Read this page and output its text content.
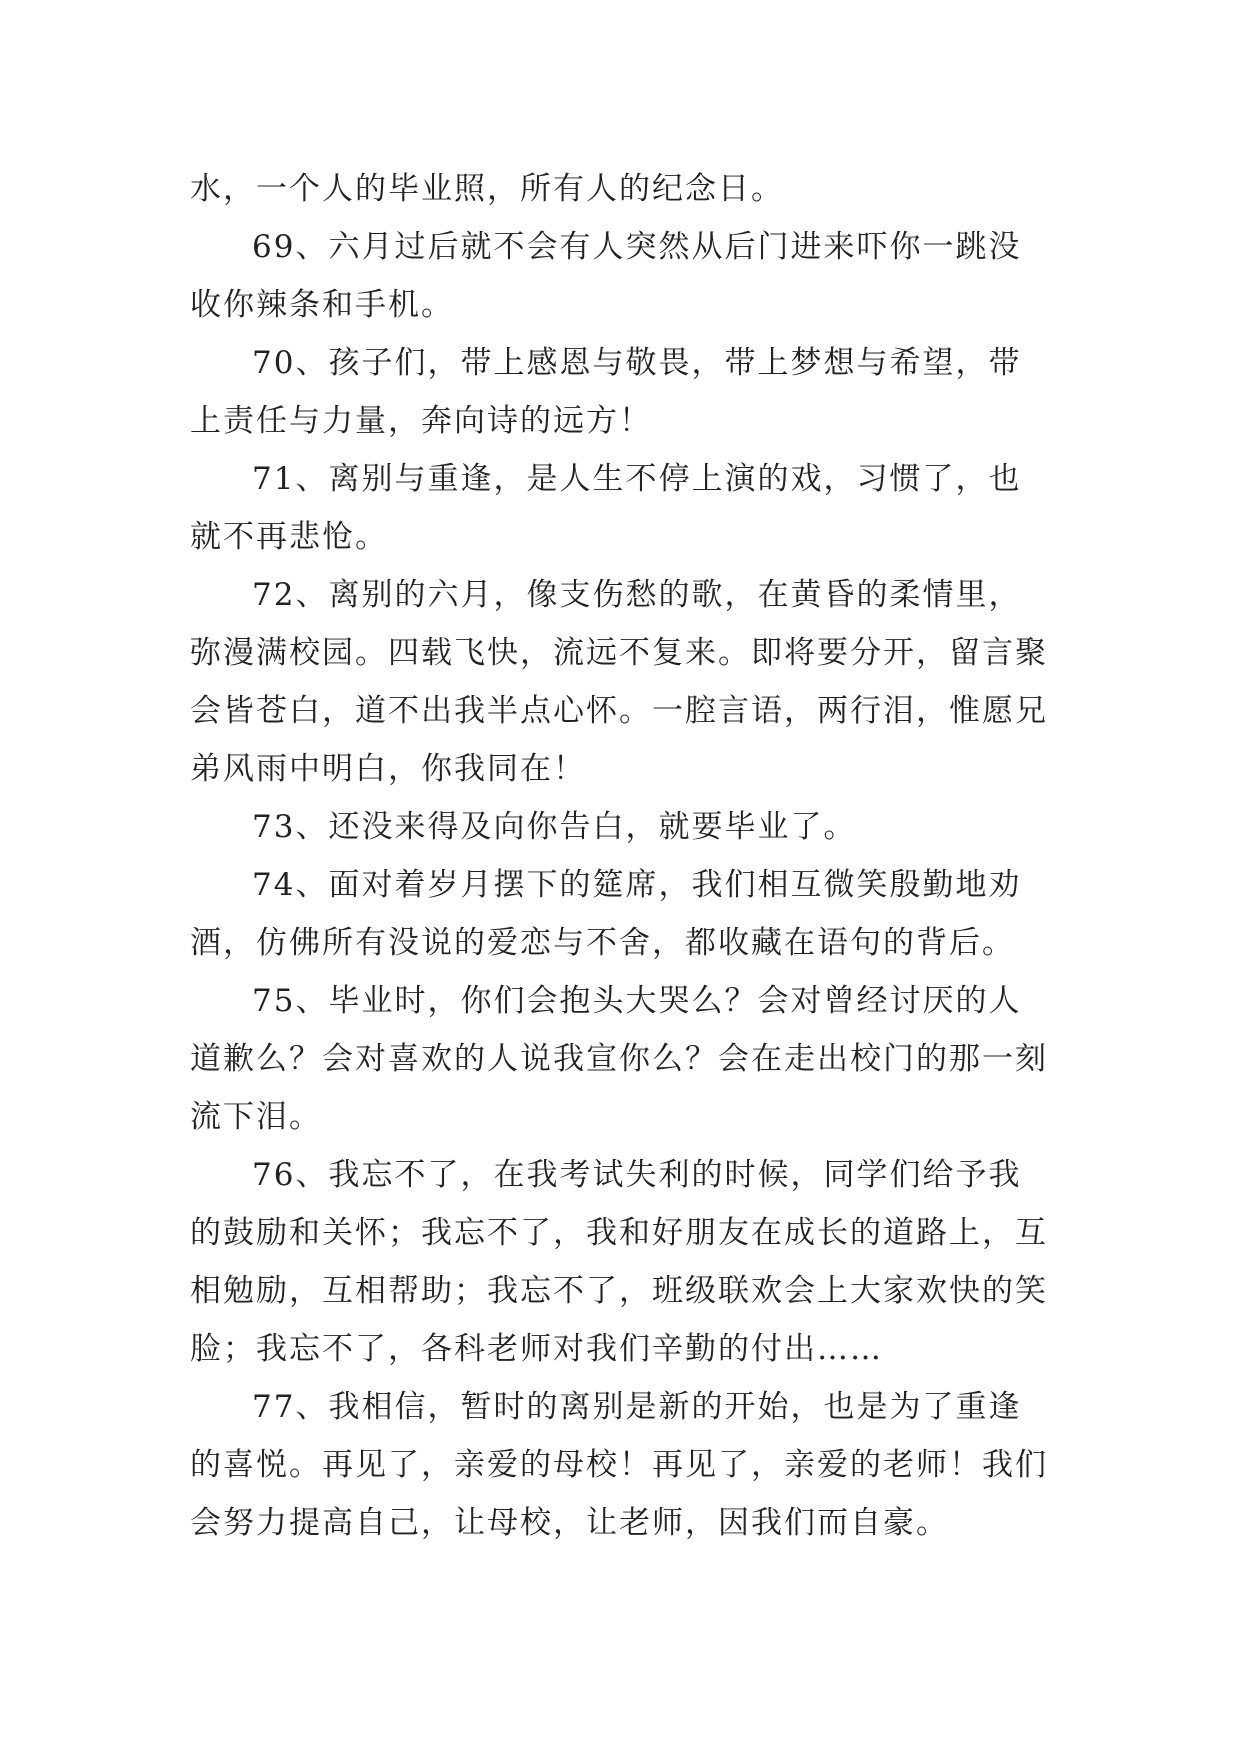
水，一个人的毕业照，所有人的纪念日。

69、六月过后就不会有人突然从后门进来吓你一跳没收你辣条和手机。

70、孩子们，带上感恩与敬畏，带上梦想与希望，带上责任与力量，奔向诗的远方！

71、离别与重逢，是人生不停上演的戏，习惯了，也就不再悲怆。

72、离别的六月，像支伤愁的歌，在黄昏的柔情里，弥漫满校园。四载飞快，流远不复来。即将要分开，留言聚会皆苍白，道不出我半点心怀。一腔言语，两行泪，惟愿兄弟风雨中明白，你我同在！

73、还没来得及向你告白，就要毕业了。

74、面对着岁月摆下的筵席，我们相互微笑殷勤地劝酒，仿佛所有没说的爱恋与不舍，都收藏在语句的背后。

75、毕业时，你们会抱头大哭么？会对曾经讨厌的人道歉么？会对喜欢的人说我宣你么？会在走出校门的那一刻流下泪。

76、我忘不了，在我考试失利的时候，同学们给予我的鼓励和关怀；我忘不了，我和好朋友在成长的道路上，互相勉励，互相帮助；我忘不了，班级联欢会上大家欢快的笑脸；我忘不了，各科老师对我们辛勤的付出……

77、我相信，暂时的离别是新的开始，也是为了重逢的喜悦。再见了，亲爱的母校！再见了，亲爱的老师！我们会努力提高自己，让母校，让老师，因我们而自豪。
